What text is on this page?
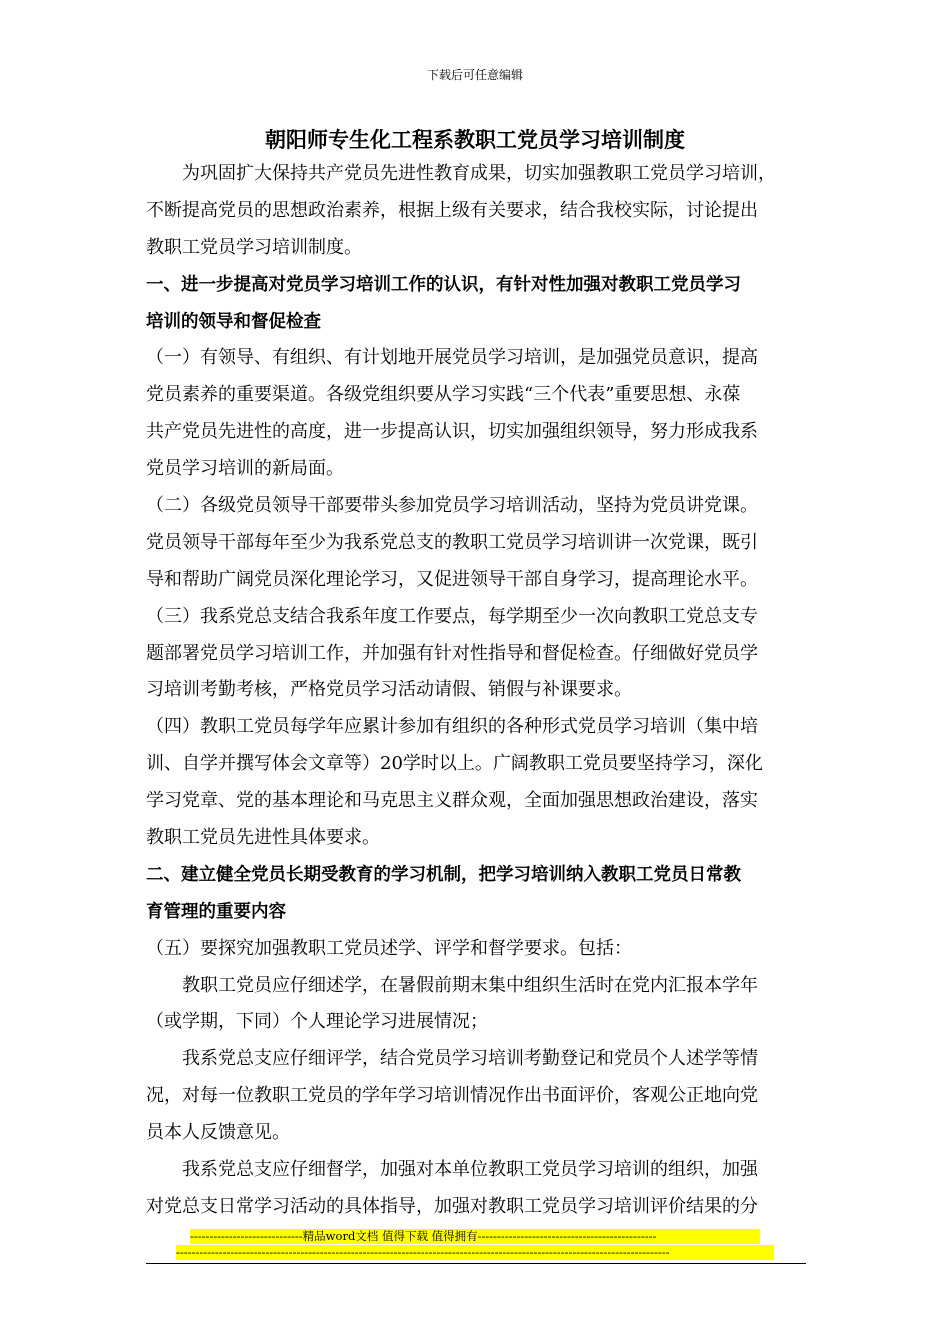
下载后可任意编辑
朝阳师专生化工程系教职工党员学习培训制度
为巩固扩大保持共产党员先进性教育成果，切实加强教职工党员学习培训，
不断提高党员的思想政治素养，根据上级有关要求，结合我校实际，讨论提出
教职工党员学习培训制度。
一、进一步提高对党员学习培训工作的认识，有针对性加强对教职工党员学习
培训的领导和督促检查
（一）有领导、有组织、有计划地开展党员学习培训，是加强党员意识，提高
党员素养的重要渠道。各级党组织要从学习实践“三个代表”重要思想、永葆
共产党员先进性的高度，进一步提高认识，切实加强组织领导，努力形成我系
党员学习培训的新局面。
（二）各级党员领导干部要带头参加党员学习培训活动，坚持为党员讲党课。
党员领导干部每年至少为我系党总支的教职工党员学习培训讲一次党课，既引
导和帮助广阔党员深化理论学习，又促进领导干部自身学习，提高理论水平。
（三）我系党总支结合我系年度工作要点，每学期至少一次向教职工党总支专
题部署党员学习培训工作，并加强有针对性指导和督促检查。仔细做好党员学
习培训考勤考核，严格党员学习活动请假、销假与补课要求。
（四）教职工党员每学年应累计参加有组织的各种形式党员学习培训（集中培
训、自学并撰写体会文章等）20学时以上。广阔教职工党员要坚持学习，深化
学习党章、党的基本理论和马克思主义群众观，全面加强思想政治建设，落实
教职工党员先进性具体要求。
二、建立健全党员长期受教育的学习机制，把学习培训纳入教职工党员日常教
育管理的重要内容
（五）要探究加强教职工党员述学、评学和督学要求。包括：
教职工党员应仔细述学，在暑假前期末集中组织生活时在党内汇报本学年
（或学期，下同）个人理论学习进展情况；
我系党总支应仔细评学，结合党员学习培训考勤登记和党员个人述学等情
况，对每一位教职工党员的学年学习培训情况作出书面评价，客观公正地向党
员本人反馈意见。
我系党总支应仔细督学，加强对本单位教职工党员学习培训的组织，加强
对党总支日常学习活动的具体指导，加强对教职工党员学习培训评价结果的分
-----------------------------精品word文档 值得下载 值得拥有----------------------------------------------
-------------------------------------------------------------------------------------------------------------------------------
